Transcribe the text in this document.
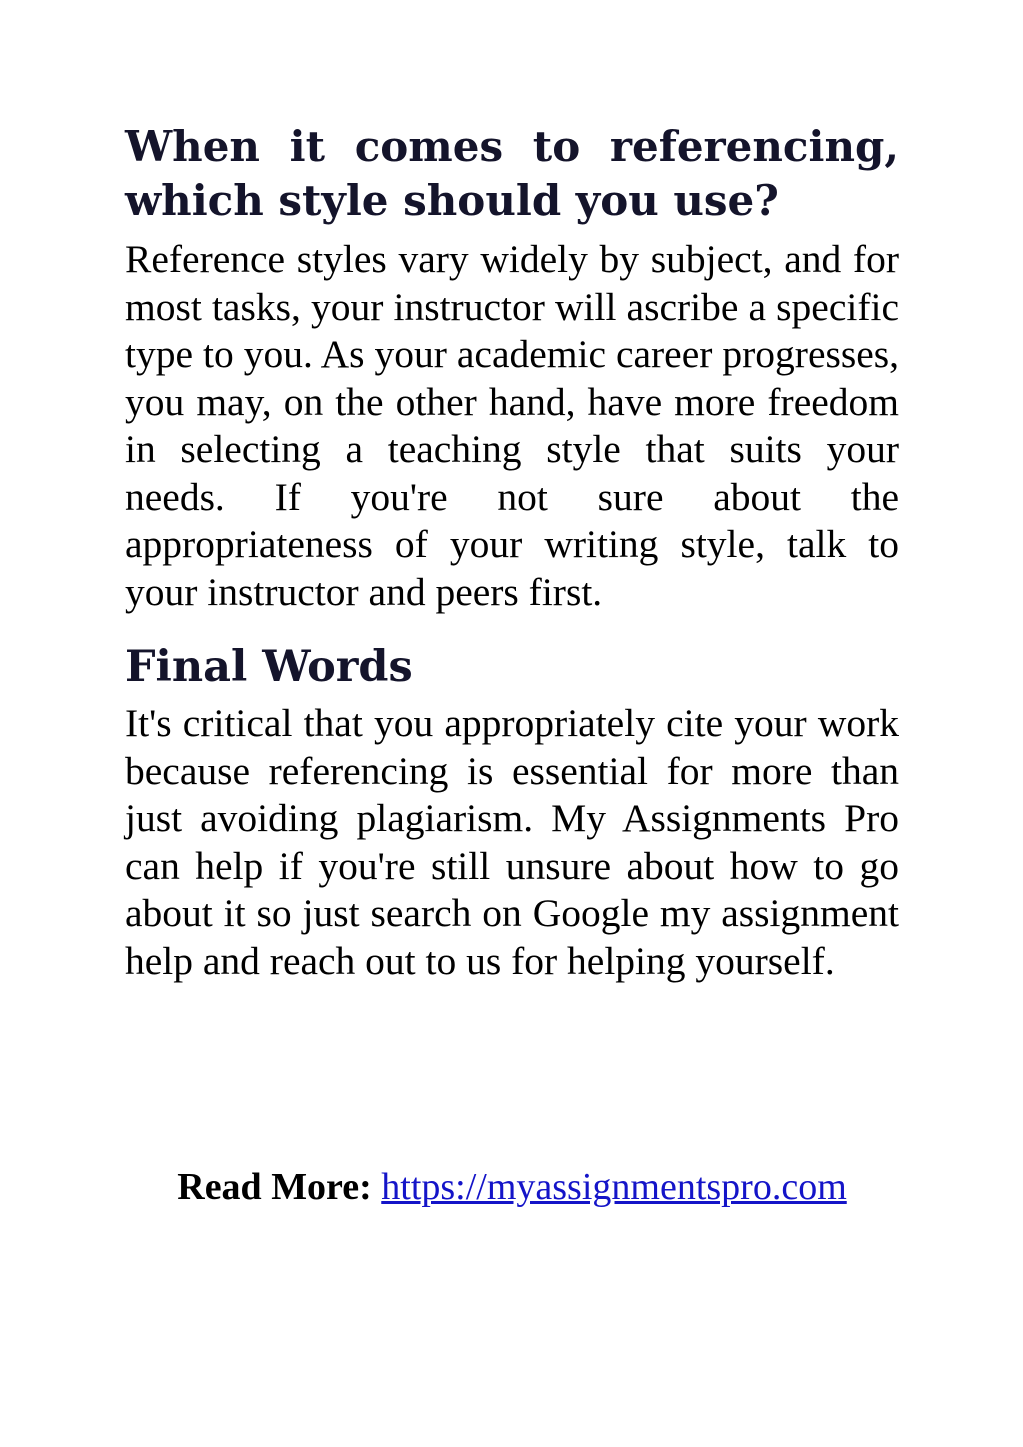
When it comes to referencing, which style should you use?

Reference styles vary widely by subject, and for most tasks, your instructor will ascribe a specific type to you. As your academic career progresses, you may, on the other hand, have more freedom in selecting a teaching style that suits your needs. If you're not sure about the appropriateness of your writing style, talk to your instructor and peers first.

Final Words

It's critical that you appropriately cite your work because referencing is essential for more than just avoiding plagiarism. My Assignments Pro can help if you're still unsure about how to go about it so just search on Google my assignment help and reach out to us for helping yourself.

Read More: https://myassignmentspro.com
